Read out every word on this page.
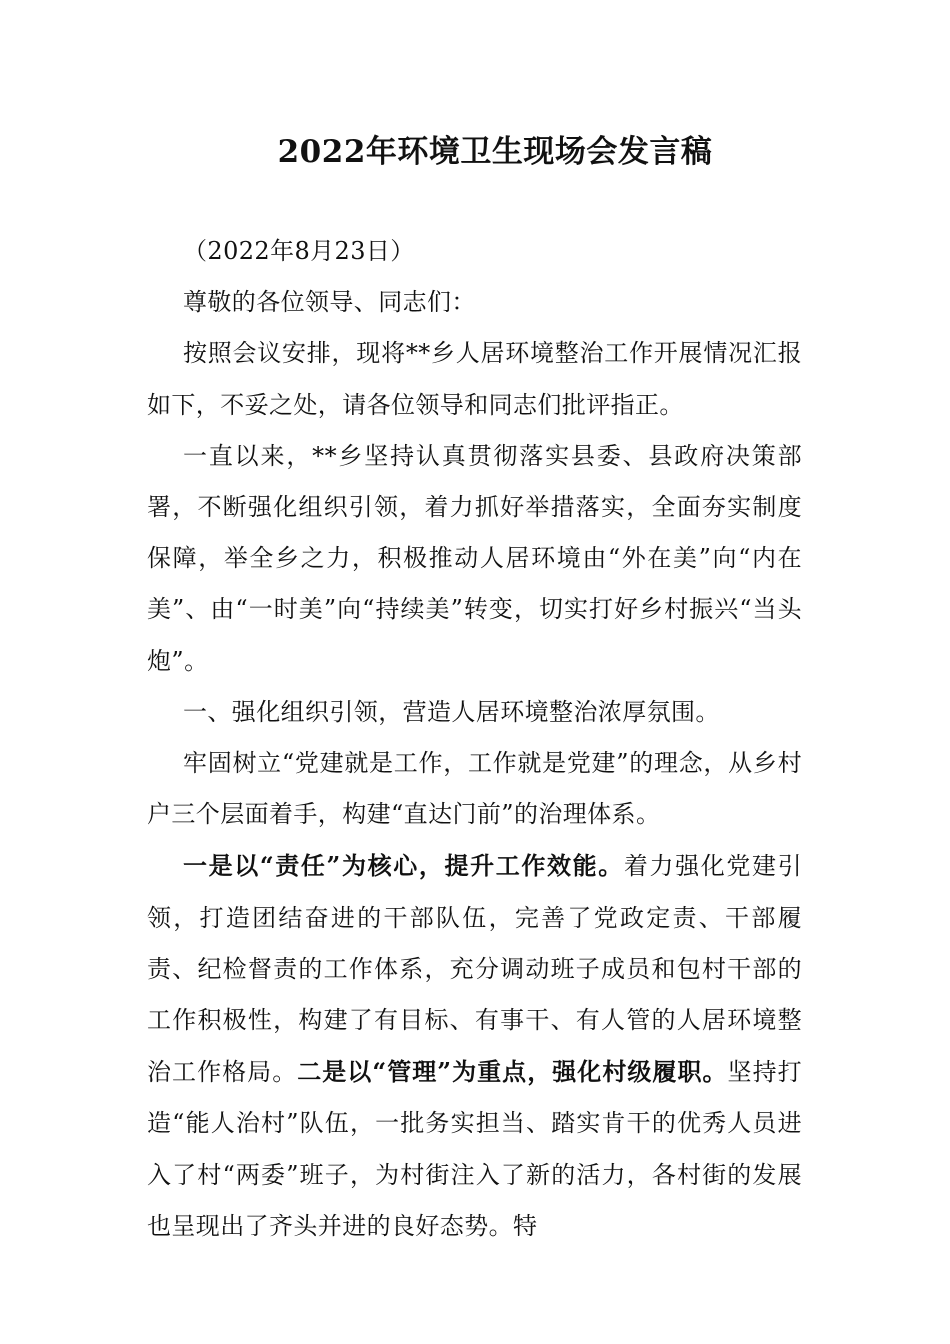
2022年环境卫生现场会发言稿

（2022年8月23日）

尊敬的各位领导、同志们：

按照会议安排，现将**乡人居环境整治工作开展情况汇报如下，不妥之处，请各位领导和同志们批评指正。

一直以来，**乡坚持认真贯彻落实县委、县政府决策部署，不断强化组织引领，着力抓好举措落实，全面夯实制度保障，举全乡之力，积极推动人居环境由“外在美”向“内在美”、由“一时美”向“持续美”转变，切实打好乡村振兴“当头炮”。

一、强化组织引领，营造人居环境整治浓厚氛围。

牢固树立“党建就是工作，工作就是党建”的理念，从乡村户三个层面着手，构建“直达门前”的治理体系。

一是以“责任”为核心，提升工作效能。着力强化党建引领，打造团结奋进的干部队伍，完善了党政定责、干部履责、纪检督责的工作体系，充分调动班子成员和包村干部的工作积极性，构建了有目标、有事干、有人管的人居环境整治工作格局。二是以“管理”为重点，强化村级履职。坚持打造“能人治村”队伍，一批务实担当、踏实肯干的优秀人员进入了村“两委”班子，为村街注入了新的活力，各村街的发展也呈现出了齐头并进的良好态势。特
